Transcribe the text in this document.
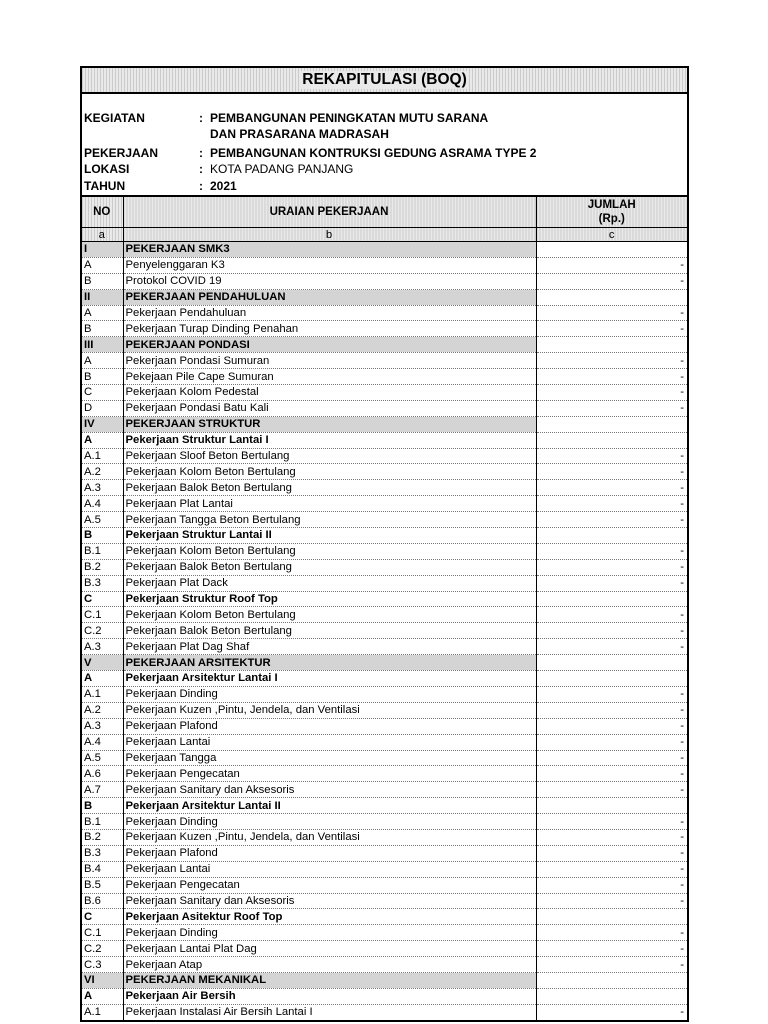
REKAPITULASI (BOQ)
KEGIATAN	: PEMBANGUNAN PENINGKATAN MUTU SARANA
DAN PRASARANA MADRASAH
PEKERJAAN	: PEMBANGUNAN KONTRUKSI GEDUNG ASRAMA TYPE 2
LOKASI	: KOTA PADANG PANJANG
TAHUN	: 2021
NO	URAIAN PEKERJAAN	JUMLAH
(Rp.)

a	b	c
I	PEKERJAAN SMK3	
A	Penyelenggaran K3	-
B	Protokol COVID 19	-
II	PEKERJAAN PENDAHULUAN	
A	Pekerjaan Pendahuluan	-
B	Pekerjaan Turap Dinding Penahan	-
III	PEKERJAAN PONDASI	
A	Pekerjaan Pondasi Sumuran	-
B	Pekejaan Pile Cape Sumuran	-
C	Pekerjaan Kolom Pedestal	-
D	Pekerjaan Pondasi Batu Kali	-
IV	PEKERJAAN STRUKTUR	
A	Pekerjaan Struktur Lantai I	
A.1	Pekerjaan Sloof Beton Bertulang	-
A.2	Pekerjaan Kolom Beton Bertulang	-
A.3	Pekerjaan Balok Beton Bertulang	-
A.4	Pekerjaan Plat Lantai	-
A.5	Pekerjaan Tangga Beton Bertulang	-
B	Pekerjaan Struktur Lantai II	
B.1	Pekerjaan Kolom Beton Bertulang	-
B.2	Pekerjaan Balok Beton Bertulang	-
B.3	Pekerjaan Plat Dack	-
C	Pekerjaan Struktur Roof Top	
C.1	Pekerjaan Kolom Beton Bertulang	-
C.2	Pekerjaan Balok Beton Bertulang	-
A.3	Pekerjaan Plat Dag Shaf	-
V	PEKERJAAN ARSITEKTUR	
A	Pekerjaan Arsitektur Lantai I	
A.1	Pekerjaan Dinding	-
A.2	Pekerjaan Kuzen ,Pintu, Jendela, dan Ventilasi	-
A.3	Pekerjaan Plafond	-
A.4	Pekerjaan Lantai	-
A.5	Pekerjaan Tangga	-
A.6	Pekerjaan Pengecatan	-
A.7	Pekerjaan Sanitary dan Aksesoris	-
B	Pekerjaan Arsitektur Lantai II	
B.1	Pekerjaan Dinding	-
B.2	Pekerjaan Kuzen ,Pintu, Jendela, dan Ventilasi	-
B.3	Pekerjaan Plafond	-
B.4	Pekerjaan Lantai	-
B.5	Pekerjaan Pengecatan	-
B.6	Pekerjaan Sanitary dan Aksesoris	-
C	Pekerjaan Asitektur Roof Top	
C.1	Pekerjaan Dinding	-
C.2	Pekerjaan Lantai Plat Dag	-
C.3	Pekerjaan Atap	-
VI	PEKERJAAN MEKANIKAL	
A	Pekerjaan Air Bersih	
A.1	Pekerjaan Instalasi Air Bersih Lantai I	-
